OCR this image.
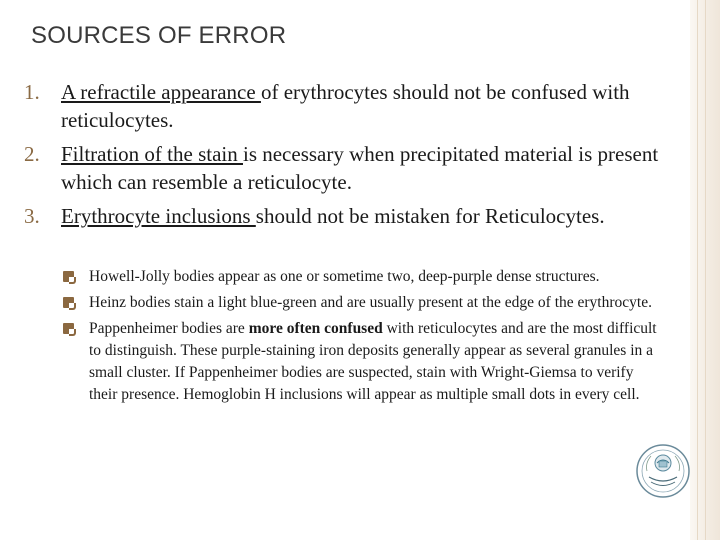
SOURCES OF ERROR
1. A refractile appearance of erythrocytes should not be confused with reticulocytes.
2. Filtration of the stain is necessary when precipitated material is present which can resemble a reticulocyte.
3. Erythrocyte inclusions should not be mistaken for Reticulocytes.
Howell-Jolly bodies appear as one or sometime two, deep-purple dense structures.
Heinz bodies stain a light blue-green and are usually present at the edge of the erythrocyte.
Pappenheimer bodies are more often confused with reticulocytes and are the most difficult to distinguish. These purple-staining iron deposits generally appear as several granules in a small cluster. If Pappenheimer bodies are suspected, stain with Wright-Giemsa to verify their presence. Hemoglobin H inclusions will appear as multiple small dots in every cell.
